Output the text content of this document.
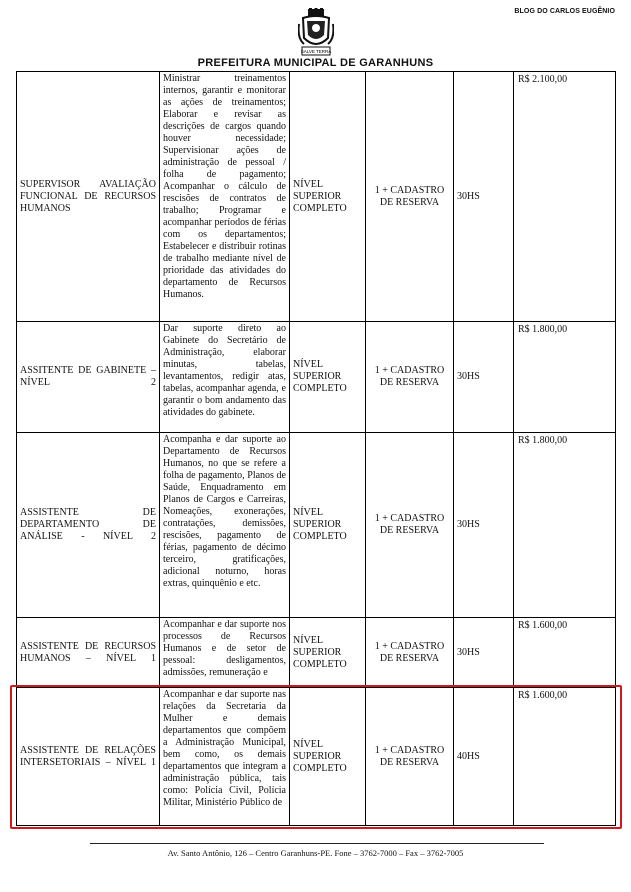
BLOG DO CARLOS EUGÊNIO
SALVE TERRA
PREFEITURA MUNICIPAL DE GARANHUNS
SUPERVISOR AVALIAÇÃO FUNCIONAL DE RECURSOS HUMANOS	Ministrar treinamentos internos, garantir e monitorar as ações de treinamentos; Elaborar e revisar as descrições de cargos quando houver necessidade; Supervisionar ações de administração de pessoal / folha de pagamento; Acompanhar o cálculo de rescisões de contratos de trabalho; Programar e acompanhar períodos de férias com os departamentos; Estabelecer e distribuir rotinas de trabalho mediante nível de prioridade das atividades do departamento de Recursos Humanos.	NÍVEL SUPERIOR COMPLETO	1 + CADASTRO DE RESERVA	30HS	R$ 2.100,00
ASSITENTE DE GABINETE – NÍVEL 2	Dar suporte direto ao Gabinete do Secretário de Administração, elaborar minutas, tabelas, levantamentos, redigir atas, tabelas, acompanhar agenda, e garantir o bom andamento das atividades do gabinete.	NÍVEL SUPERIOR COMPLETO	1 + CADASTRO DE RESERVA	30HS	R$ 1.800,00
ASSISTENTE DE DEPARTAMENTO DE ANÁLISE - NÍVEL 2	Acompanha e dar suporte ao Departamento de Recursos Humanos, no que se refere a folha de pagamento, Planos de Saúde, Enquadramento em Planos de Cargos e Carreiras, Nomeações, exonerações, contratações, demissões, rescisões, pagamento de férias, pagamento de décimo terceiro, gratificações, adicional noturno, horas extras, quinquênio e etc.	NÍVEL SUPERIOR COMPLETO	1 + CADASTRO DE RESERVA	30HS	R$ 1.800,00
ASSISTENTE DE RECURSOS HUMANOS – NÍVEL 1	Acompanhar e dar suporte nos processos de Recursos Humanos e de setor de pessoal: desligamentos, admissões, remuneração e	NÍVEL SUPERIOR COMPLETO	1 + CADASTRO DE RESERVA	30HS	R$ 1.600,00
ASSISTENTE DE RELAÇÕES INTERSETORIAIS – NÍVEL 1	Acompanhar e dar suporte nas relações da Secretaria da Mulher e demais departamentos que compõem a Administração Municipal, bem como, os demais departamentos que integram a administração pública, tais como: Polícia Civil, Polícia Militar, Ministério Público de	NÍVEL SUPERIOR COMPLETO	1 + CADASTRO DE RESERVA	40HS	R$ 1.600,00
Av. Santo Antônio, 126 – Centro Garanhuns-PE. Fone – 3762-7000 – Fax – 3762-7005
